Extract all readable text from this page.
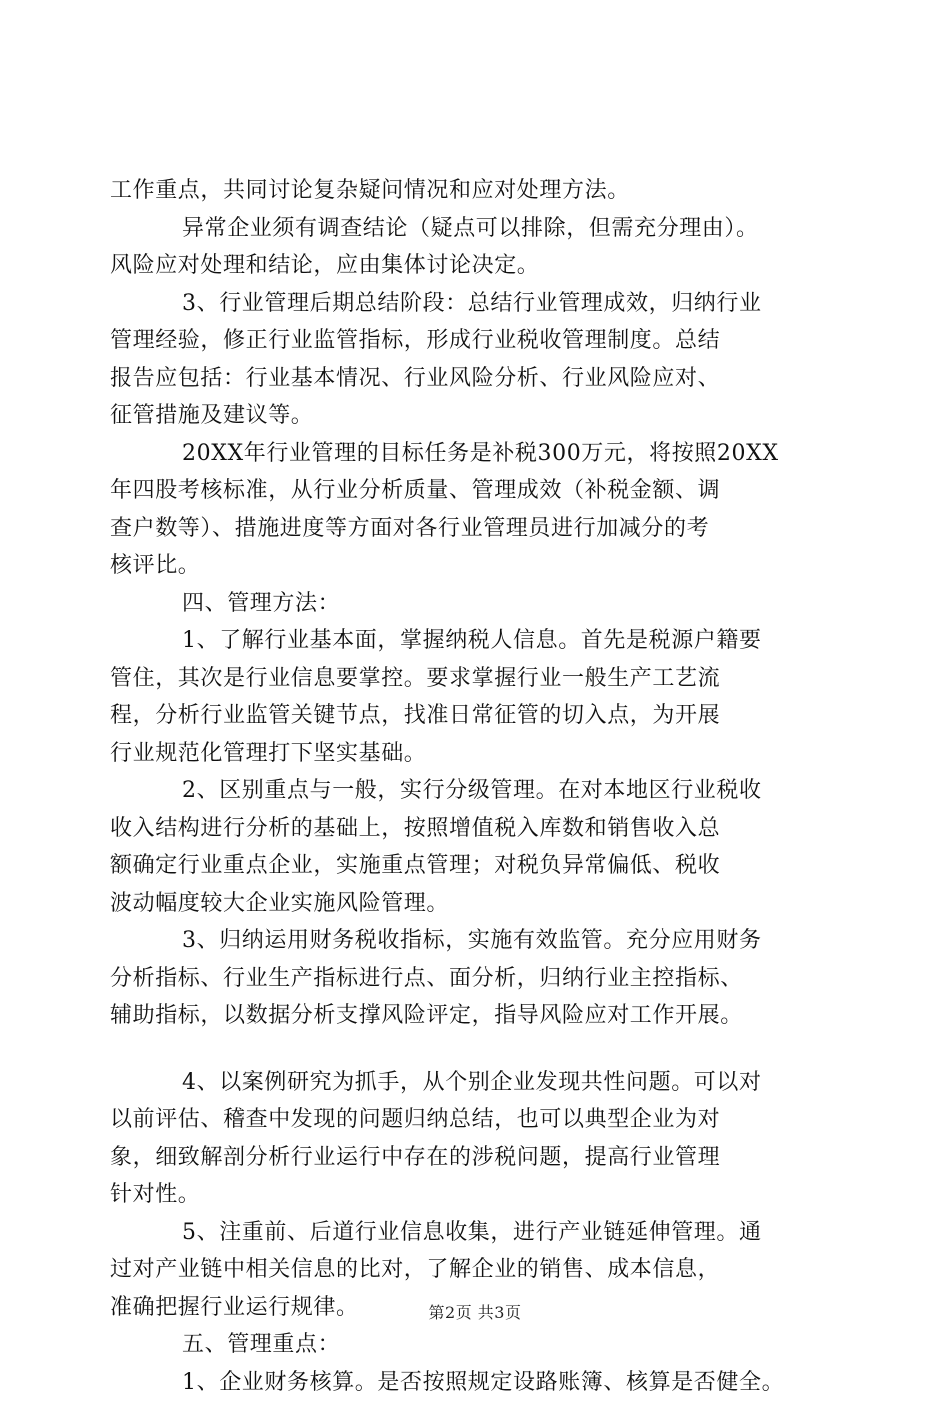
工作重点，共同讨论复杂疑问情况和应对处理方法。
异常企业须有调查结论（疑点可以排除，但需充分理由）。
风险应对处理和结论，应由集体讨论决定。
3、行业管理后期总结阶段：总结行业管理成效，归纳行业
管理经验，修正行业监管指标，形成行业税收管理制度。总结
报告应包括：行业基本情况、行业风险分析、行业风险应对、
征管措施及建议等。
20XX年行业管理的目标任务是补税300万元，将按照20XX
年四股考核标准，从行业分析质量、管理成效（补税金额、调
查户数等）、措施进度等方面对各行业管理员进行加减分的考
核评比。
四、管理方法：
1、了解行业基本面，掌握纳税人信息。首先是税源户籍要
管住，其次是行业信息要掌控。要求掌握行业一般生产工艺流
程，分析行业监管关键节点，找准日常征管的切入点，为开展
行业规范化管理打下坚实基础。
2、区别重点与一般，实行分级管理。在对本地区行业税收
收入结构进行分析的基础上，按照增值税入库数和销售收入总
额确定行业重点企业，实施重点管理；对税负异常偏低、税收
波动幅度较大企业实施风险管理。
3、归纳运用财务税收指标，实施有效监管。充分应用财务
分析指标、行业生产指标进行点、面分析，归纳行业主控指标、
辅助指标，以数据分析支撑风险评定，指导风险应对工作开展。
4、以案例研究为抓手，从个别企业发现共性问题。可以对
以前评估、稽查中发现的问题归纳总结，也可以典型企业为对
象，细致解剖分析行业运行中存在的涉税问题，提高行业管理
针对性。
5、注重前、后道行业信息收集，进行产业链延伸管理。通
过对产业链中相关信息的比对，了解企业的销售、成本信息，
准确把握行业运行规律。
五、管理重点：
1、企业财务核算。是否按照规定设路账簿、核算是否健全。
第2页 共3页
